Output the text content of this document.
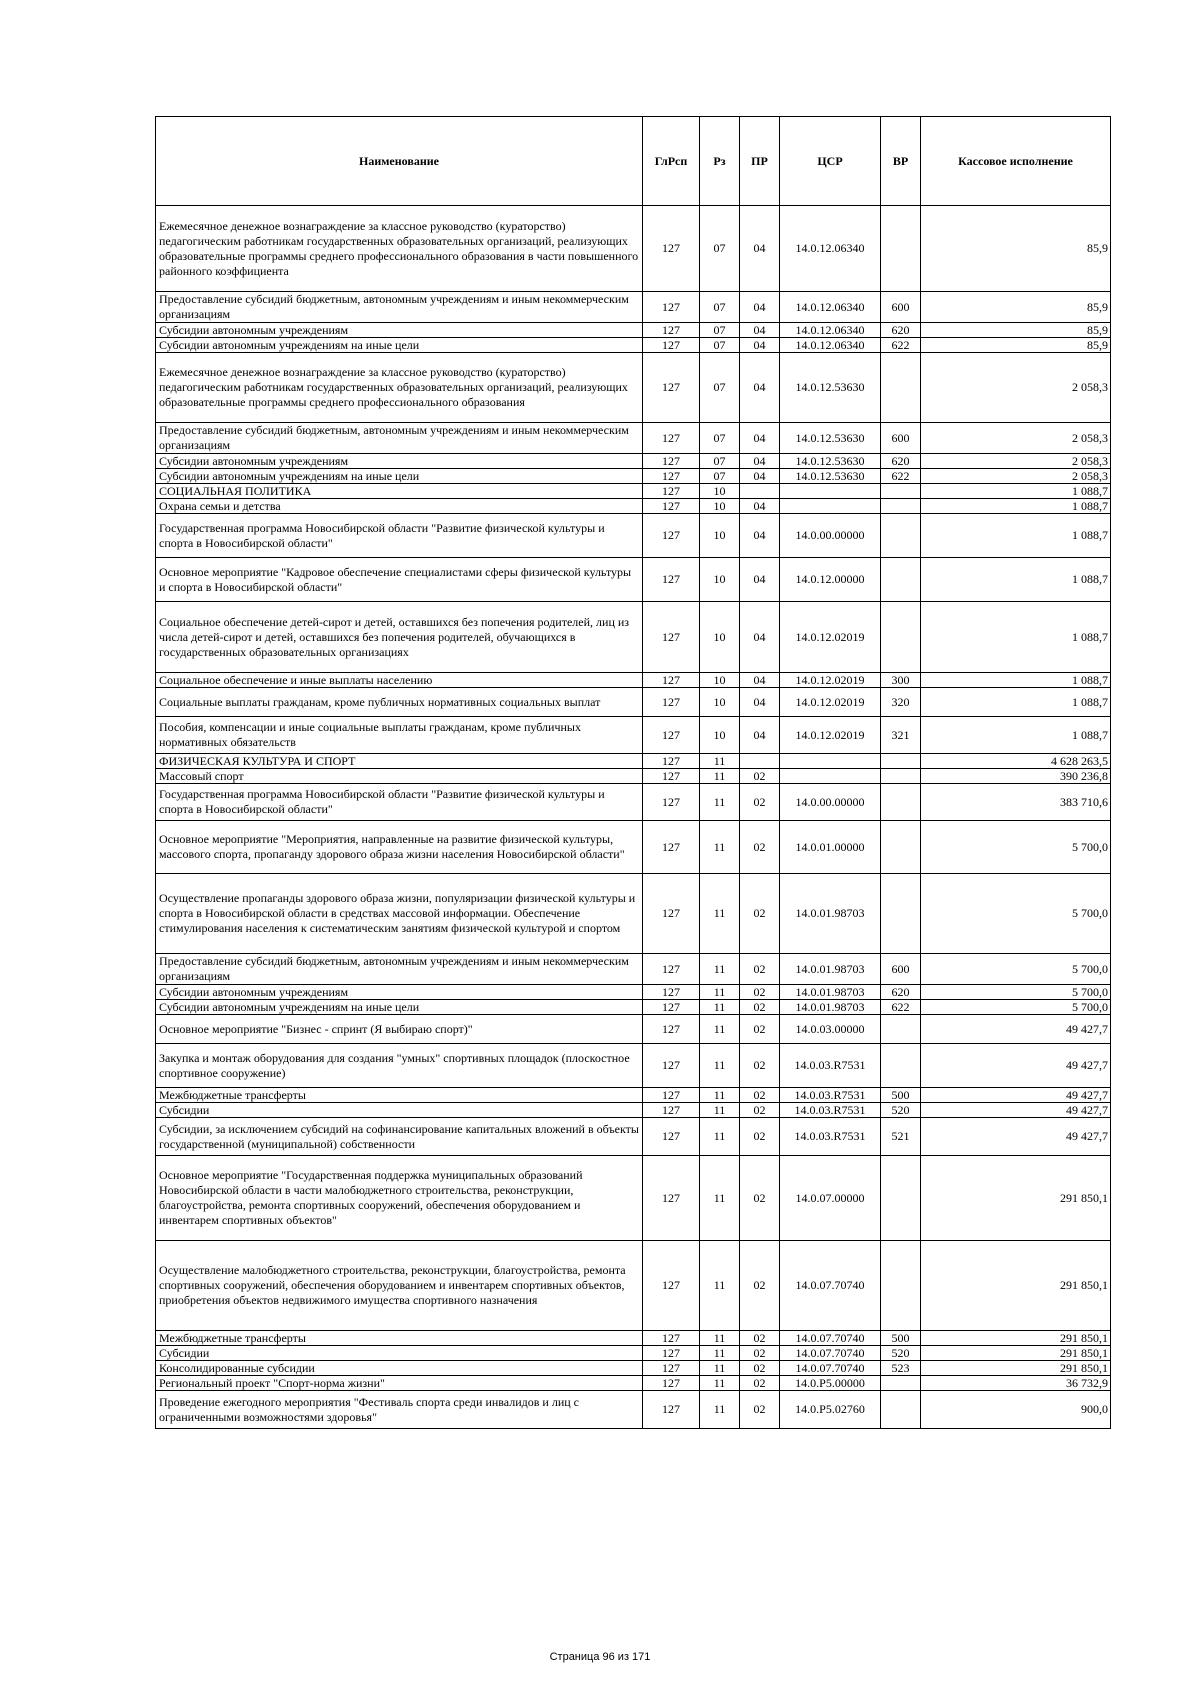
Наименование	ГлРсп	Рз	ПР	ЦСР	ВР	Кассовое исполнение
Ежемесячное денежное вознаграждение за классное руководство (кураторство) педагогическим работникам государственных образовательных организаций, реализующих образовательные программы среднего профессионального образования в части повышенного районного коэффициента	127	07	04	14.0.12.06340		85,9
Предоставление субсидий бюджетным, автономным учреждениям и иным некоммерческим организациям	127	07	04	14.0.12.06340	600	85,9
Субсидии автономным учреждениям	127	07	04	14.0.12.06340	620	85,9
Субсидии автономным учреждениям на иные цели	127	07	04	14.0.12.06340	622	85,9
Ежемесячное денежное вознаграждение за классное руководство (кураторство) педагогическим работникам государственных образовательных организаций, реализующих образовательные программы среднего профессионального образования	127	07	04	14.0.12.53630		2 058,3
Предоставление субсидий бюджетным, автономным учреждениям и иным некоммерческим организациям	127	07	04	14.0.12.53630	600	2 058,3
Субсидии автономным учреждениям	127	07	04	14.0.12.53630	620	2 058,3
Субсидии автономным учреждениям на иные цели	127	07	04	14.0.12.53630	622	2 058,3
СОЦИАЛЬНАЯ ПОЛИТИКА	127	10				1 088,7
Охрана семьи и детства	127	10	04			1 088,7
Государственная программа Новосибирской области "Развитие физической культуры и спорта в Новосибирской области"	127	10	04	14.0.00.00000		1 088,7
Основное мероприятие "Кадровое обеспечение специалистами сферы физической культуры и спорта в Новосибирской области"	127	10	04	14.0.12.00000		1 088,7
Социальное обеспечение детей-сирот и детей, оставшихся без попечения родителей, лиц из числа детей-сирот и детей, оставшихся без попечения родителей, обучающихся в государственных образовательных организациях	127	10	04	14.0.12.02019		1 088,7
Социальное обеспечение и иные выплаты населению	127	10	04	14.0.12.02019	300	1 088,7
Социальные выплаты гражданам, кроме публичных нормативных социальных выплат	127	10	04	14.0.12.02019	320	1 088,7
Пособия, компенсации и иные социальные выплаты гражданам, кроме публичных нормативных обязательств	127	10	04	14.0.12.02019	321	1 088,7
ФИЗИЧЕСКАЯ КУЛЬТУРА И СПОРТ	127	11				4 628 263,5
Массовый спорт	127	11	02			390 236,8
Государственная программа Новосибирской области "Развитие физической культуры и спорта в Новосибирской области"	127	11	02	14.0.00.00000		383 710,6
Основное мероприятие "Мероприятия, направленные на развитие физической культуры, массового спорта, пропаганду здорового образа жизни населения Новосибирской области"	127	11	02	14.0.01.00000		5 700,0
Осуществление пропаганды здорового образа жизни, популяризации физической культуры и спорта в Новосибирской области в средствах массовой информации. Обеспечение стимулирования населения к систематическим занятиям физической культурой и спортом	127	11	02	14.0.01.98703		5 700,0
Предоставление субсидий бюджетным, автономным учреждениям и иным некоммерческим организациям	127	11	02	14.0.01.98703	600	5 700,0
Субсидии автономным учреждениям	127	11	02	14.0.01.98703	620	5 700,0
Субсидии автономным учреждениям на иные цели	127	11	02	14.0.01.98703	622	5 700,0
Основное мероприятие "Бизнес - спринт (Я выбираю спорт)"	127	11	02	14.0.03.00000		49 427,7
Закупка и монтаж оборудования для создания "умных" спортивных площадок (плоскостное спортивное сооружение)	127	11	02	14.0.03.R7531		49 427,7
Межбюджетные трансферты	127	11	02	14.0.03.R7531	500	49 427,7
Субсидии	127	11	02	14.0.03.R7531	520	49 427,7
Субсидии, за исключением субсидий на софинансирование капитальных вложений в объекты государственной (муниципальной) собственности	127	11	02	14.0.03.R7531	521	49 427,7
Основное мероприятие "Государственная поддержка муниципальных образований Новосибирской области в части малобюджетного строительства, реконструкции, благоустройства, ремонта спортивных сооружений, обеспечения оборудованием и инвентарем спортивных объектов"	127	11	02	14.0.07.00000		291 850,1
Осуществление малобюджетного строительства, реконструкции, благоустройства, ремонта спортивных сооружений, обеспечения оборудованием и инвентарем спортивных объектов, приобретения объектов недвижимого имущества спортивного назначения	127	11	02	14.0.07.70740		291 850,1
Межбюджетные трансферты	127	11	02	14.0.07.70740	500	291 850,1
Субсидии	127	11	02	14.0.07.70740	520	291 850,1
Консолидированные субсидии	127	11	02	14.0.07.70740	523	291 850,1
Региональный проект "Спорт-норма жизни"	127	11	02	14.0.P5.00000		36 732,9
Проведение ежегодного мероприятия "Фестиваль спорта среди инвалидов и лиц с ограниченными возможностями здоровья"	127	11	02	14.0.P5.02760		900,0
Страница 96 из 171
